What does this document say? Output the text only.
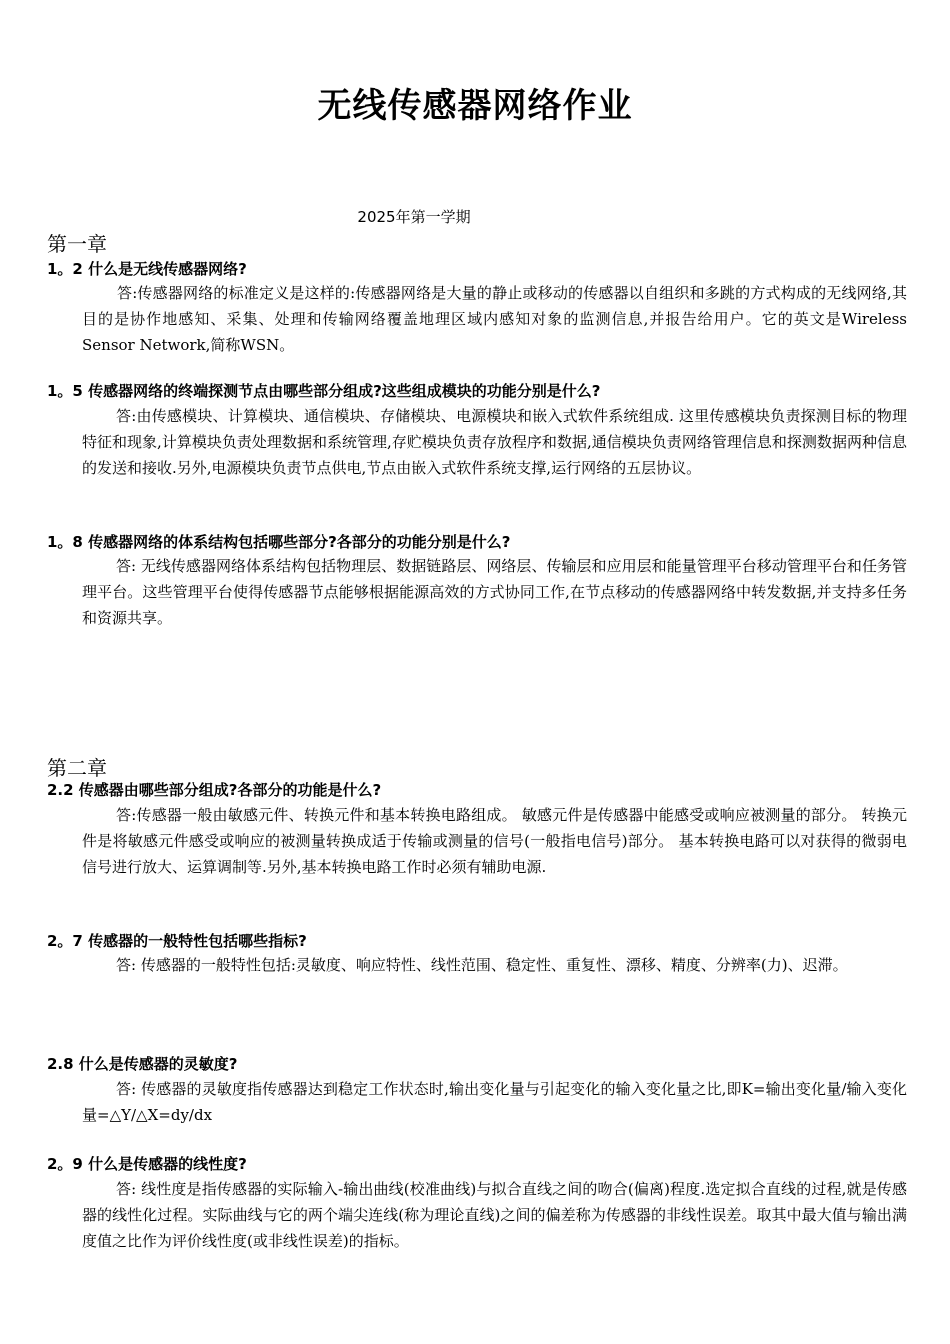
无线传感器网络作业
2025年第一学期
第一章
1。2 什么是无线传感器网络?
答:传感器网络的标准定义是这样的:传感器网络是大量的静止或移动的传感器以自组织和多跳的方式构成的无线网络,其目的是协作地感知、采集、处理和传输网络覆盖地理区域内感知对象的监测信息,并报告给用户。它的英文是Wireless Sensor Network,简称WSN。
1。5 传感器网络的终端探测节点由哪些部分组成?这些组成模块的功能分别是什么?
答:由传感模块、计算模块、通信模块、存储模块、电源模块和嵌入式软件系统组成. 这里传感模块负责探测目标的物理特征和现象,计算模块负责处理数据和系统管理,存贮模块负责存放程序和数据,通信模块负责网络管理信息和探测数据两种信息的发送和接收.另外,电源模块负责节点供电,节点由嵌入式软件系统支撑,运行网络的五层协议。
1。8 传感器网络的体系结构包括哪些部分?各部分的功能分别是什么?
答: 无线传感器网络体系结构包括物理层、数据链路层、网络层、传输层和应用层和能量管理平台移动管理平台和任务管理平台。这些管理平台使得传感器节点能够根据能源高效的方式协同工作,在节点移动的传感器网络中转发数据,并支持多任务和资源共享。
第二章
2.2 传感器由哪些部分组成?各部分的功能是什么?
答:传感器一般由敏感元件、转换元件和基本转换电路组成。 敏感元件是传感器中能感受或响应被测量的部分。 转换元件是将敏感元件感受或响应的被测量转换成适于传输或测量的信号(一般指电信号)部分。 基本转换电路可以对获得的微弱电信号进行放大、运算调制等.另外,基本转换电路工作时必须有辅助电源.
2。7 传感器的一般特性包括哪些指标?
答: 传感器的一般特性包括:灵敏度、响应特性、线性范围、稳定性、重复性、漂移、精度、分辨率(力)、迟滞。
2.8 什么是传感器的灵敏度?
答: 传感器的灵敏度指传感器达到稳定工作状态时,输出变化量与引起变化的输入变化量之比,即K=输出变化量/输入变化量=△Y/△X=dy/dx
2。9 什么是传感器的线性度?
答: 线性度是指传感器的实际输入-输出曲线(校准曲线)与拟合直线之间的吻合(偏离)程度.选定拟合直线的过程,就是传感器的线性化过程。实际曲线与它的两个端尖连线(称为理论直线)之间的偏差称为传感器的非线性误差。取其中最大值与输出满度值之比作为评价线性度(或非线性误差)的指标。
